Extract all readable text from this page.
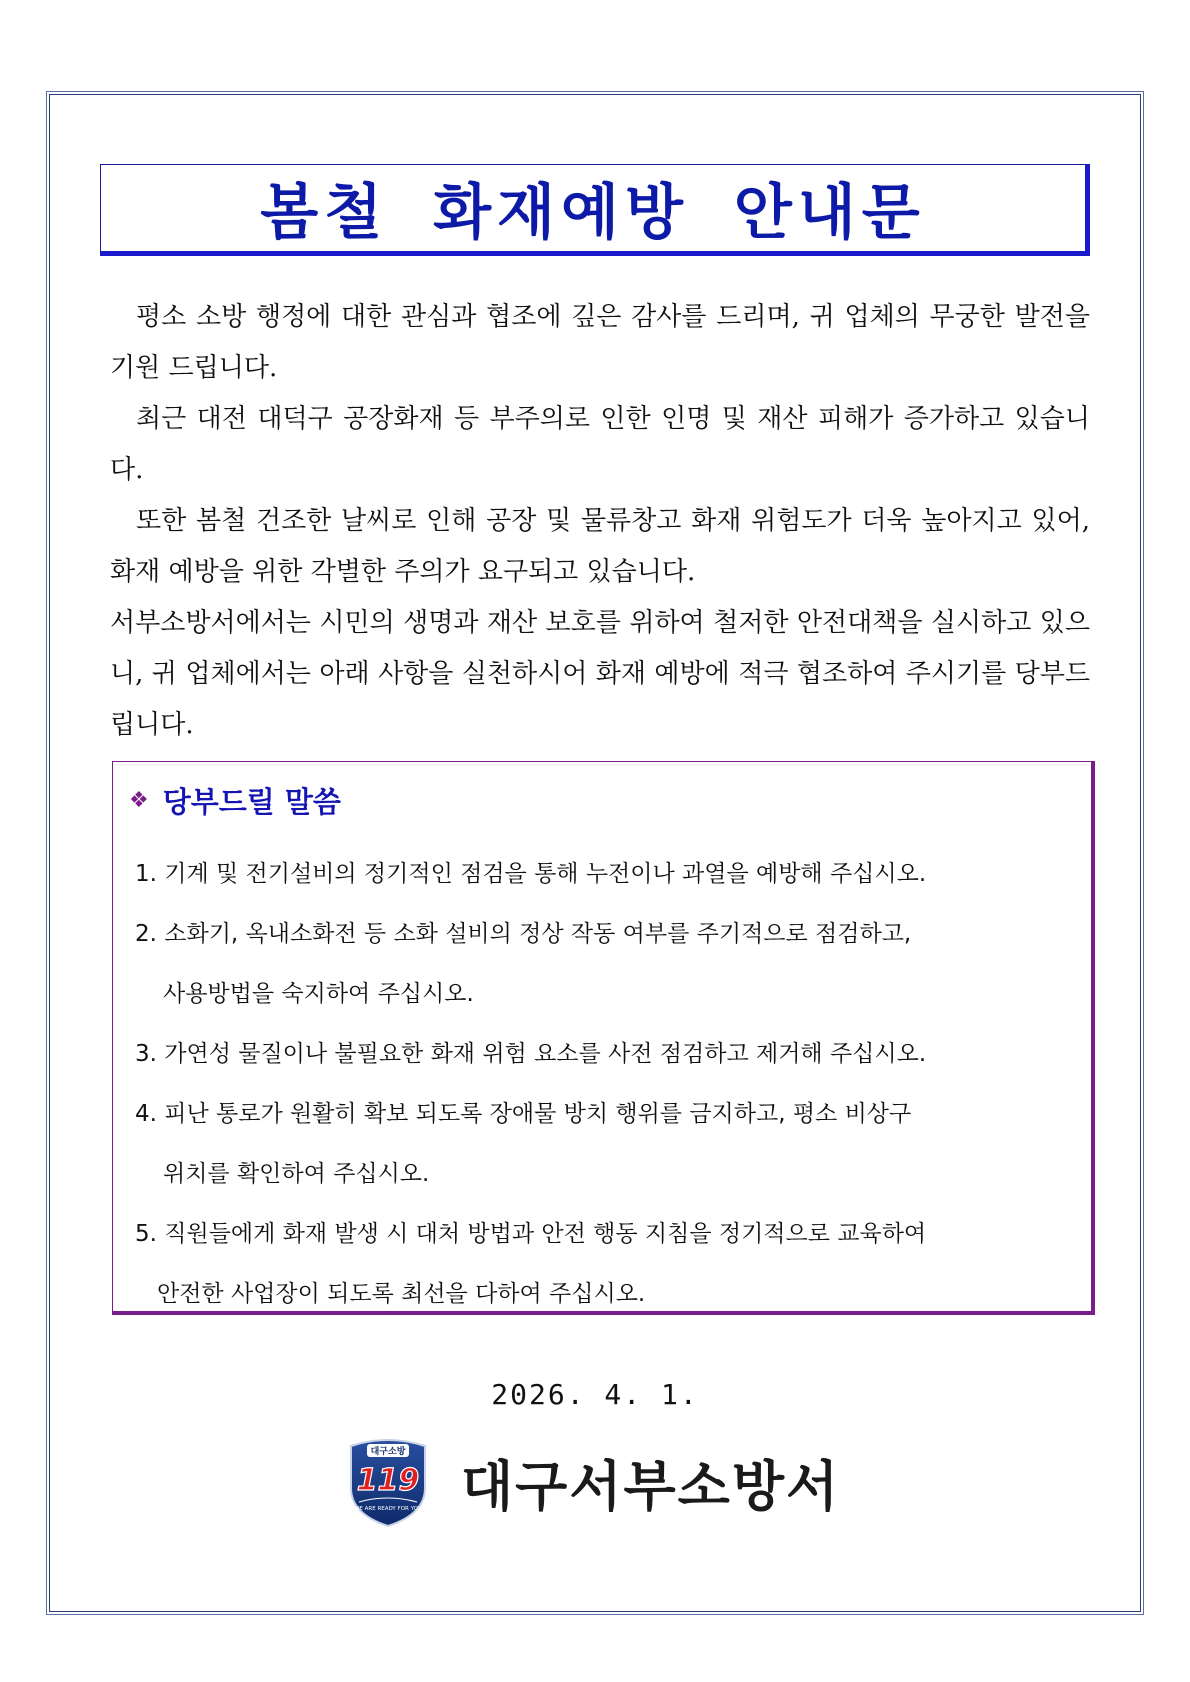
봄철 화재예방 안내문

평소 소방 행정에 대한 관심과 협조에 깊은 감사를 드리며, 귀 업체의 무궁한 발전을 기원 드립니다.

최근 대전 대덕구 공장화재 등 부주의로 인한 인명 및 재산 피해가 증가하고 있습니다.

또한 봄철 건조한 날씨로 인해 공장 및 물류창고 화재 위험도가 더욱 높아지고 있어, 화재 예방을 위한 각별한 주의가 요구되고 있습니다.

서부소방서에서는 시민의 생명과 재산 보호를 위하여 철저한 안전대책을 실시하고 있으니, 귀 업체에서는 아래 사항을 실천하시어 화재 예방에 적극 협조하여 주시기를 당부드립니다.

❖ 당부드릴 말씀
1. 기계 및 전기설비의 정기적인 점검을 통해 누전이나 과열을 예방해 주십시오.
2. 소화기, 옥내소화전 등 소화 설비의 정상 작동 여부를 주기적으로 점검하고,
사용방법을 숙지하여 주십시오.
3. 가연성 물질이나 불필요한 화재 위험 요소를 사전 점검하고 제거해 주십시오.
4. 피난 통로가 원활히 확보 되도록 장애물 방치 행위를 금지하고, 평소 비상구
위치를 확인하여 주십시오.
5. 직원들에게 화재 발생 시 대처 방법과 안전 행동 지침을 정기적으로 교육하여
안전한 사업장이 되도록 최선을 다하여 주십시오.
2026. 4. 1.
대구소방
119
WE ARE READY FOR YOU 대구서부소방서
